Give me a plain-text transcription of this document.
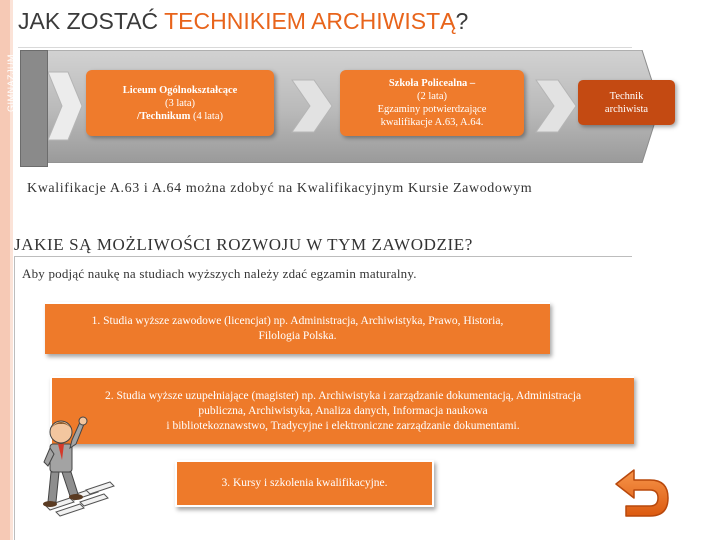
JAK ZOSTAĆ TECHNIKIEM ARCHIWISTĄ?
GIMNAZJUM	Liceum Ogólnokształcące
(3 lata)
/Technikum (4 lata)
Szkoła Policealna –
(2 lata)
Egzaminy potwierdzające
kwalifikacje A.63, A.64.
Technik
archiwista
Kwalifikacje A.63 i A.64 można zdobyć na Kwalifikacyjnym Kursie Zawodowym
JAKIE SĄ MOŻLIWOŚCI ROZWOJU W TYM ZAWODZIE?
Aby podjąć naukę na studiach wyższych należy zdać egzamin maturalny.
1. Studia wyższe zawodowe (licencjat) np. Administracja, Archiwistyka, Prawo, Historia,
Filologia Polska.
2. Studia wyższe uzupełniające (magister) np. Archiwistyka i zarządzanie dokumentacją, Administracja
publiczna, Archiwistyka, Analiza danych, Informacja naukowa
i bibliotekoznawstwo, Tradycyjne i elektroniczne zarządzanie dokumentami.
3. Kursy i szkolenia kwalifikacyjne.
